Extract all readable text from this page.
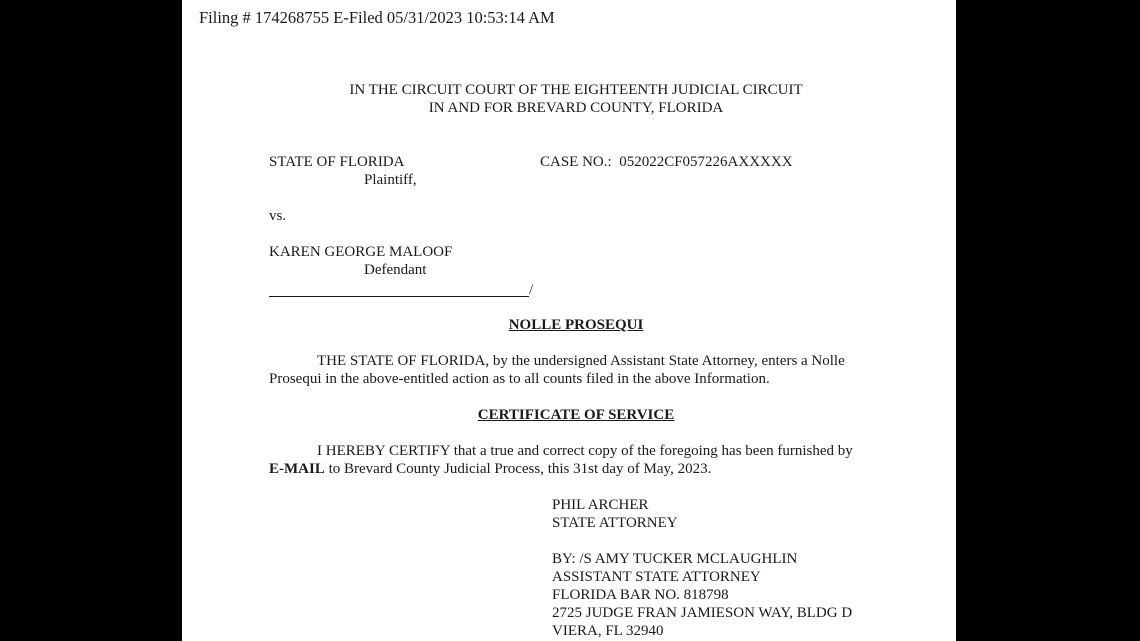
Filing # 174268755 E-Filed 05/31/2023 10:53:14 AM
IN THE CIRCUIT COURT OF THE EIGHTEENTH JUDICIAL CIRCUIT
IN AND FOR BREVARD COUNTY, FLORIDA
STATE OF FLORIDA
Plaintiff,
CASE NO.: 052022CF057226AXXXXX
vs.
KAREN GEORGE MALOOF
Defendant
/
NOLLE PROSEQUI
THE STATE OF FLORIDA, by the undersigned Assistant State Attorney, enters a Nolle
Prosequi in the above-entitled action as to all counts filed in the above Information.
CERTIFICATE OF SERVICE
I HEREBY CERTIFY that a true and correct copy of the foregoing has been furnished by
E-MAIL to Brevard County Judicial Process, this 31st day of May, 2023.
PHIL ARCHER
STATE ATTORNEY
BY: /S AMY TUCKER MCLAUGHLIN
ASSISTANT STATE ATTORNEY
FLORIDA BAR NO. 818798
2725 JUDGE FRAN JAMIESON WAY, BLDG D
VIERA, FL 32940
